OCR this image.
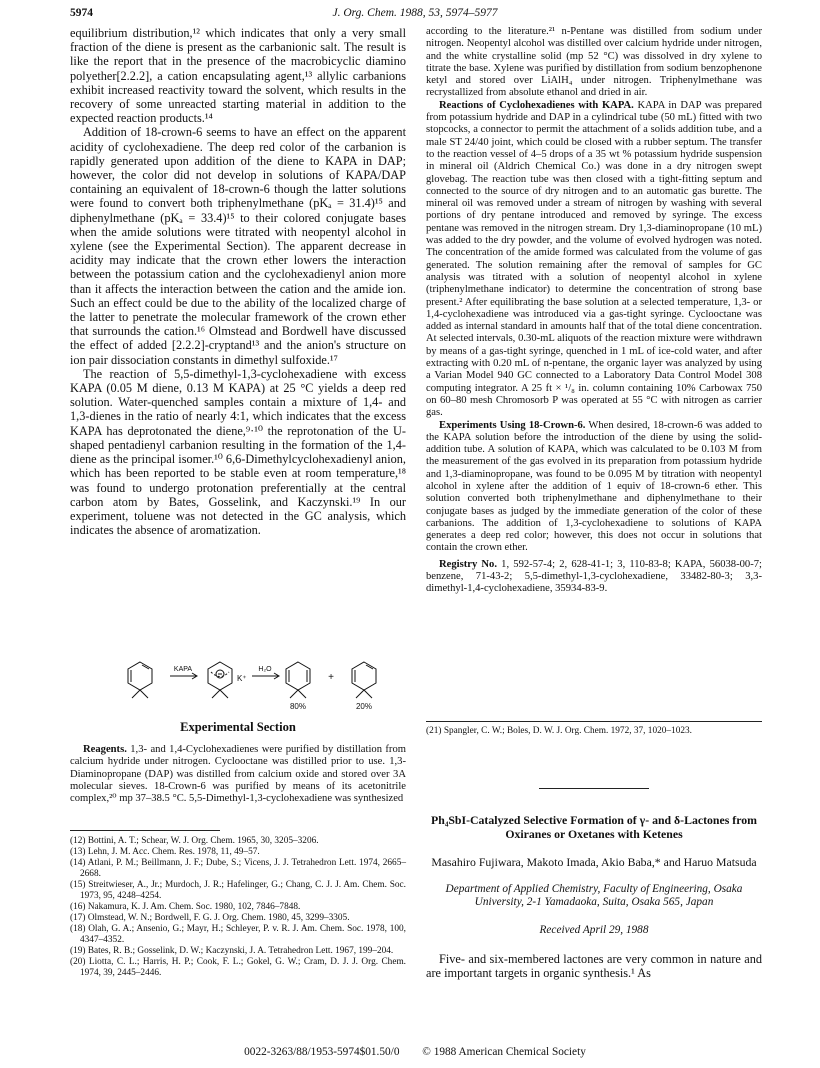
5974	J. Org. Chem. 1988, 53, 5974–5977

equilibrium distribution,¹² which indicates that only a very small fraction of the diene is present as the carbanionic salt. The result is like the report that in the presence of the macrobicyclic diamino polyether[2.2.2], a cation encapsulating agent,¹³ allylic carbanions exhibit increased reactivity toward the solvent, which results in the recovery of some unreacted starting material in addition to the expected reaction products.¹⁴

Addition of 18-crown-6 seems to have an effect on the apparent acidity of cyclohexadiene. The deep red color of the carbanion is rapidly generated upon addition of the diene to KAPA in DAP; however, the color did not develop in solutions of KAPA/DAP containing an equivalent of 18-crown-6 though the latter solutions were found to convert both triphenylmethane (pKₐ = 31.4)¹⁵ and diphenylmethane (pKₐ = 33.4)¹⁵ to their colored conjugate bases when the amide solutions were titrated with neopentyl alcohol in xylene (see the Experimental Section). The apparent decrease in acidity may indicate that the crown ether lowers the interaction between the potassium cation and the cyclohexadienyl anion more than it affects the interaction between the cation and the amide ion. Such an effect could be due to the ability of the localized charge of the latter to penetrate the molecular framework of the crown ether that surrounds the cation.¹⁶ Olmstead and Bordwell have discussed the effect of added [2.2.2]-cryptand¹³ and the anion's structure on ion pair dissociation constants in dimethyl sulfoxide.¹⁷

The reaction of 5,5-dimethyl-1,3-cyclohexadiene with excess KAPA (0.05 M diene, 0.13 M KAPA) at 25 °C yields a deep red solution. Water-quenched samples contain a mixture of 1,4- and 1,3-dienes in the ratio of nearly 4:1, which indicates that the excess KAPA has deprotonated the diene,⁹·¹⁰ the reprotonation of the U-shaped pentadienyl carbanion resulting in the formation of the 1,4-diene as the principal isomer.¹⁰ 6,6-Dimethylcyclohexadienyl anion, which has been reported to be stable even at room temperature,¹⁸ was found to undergo protonation preferentially at the central carbon atom by Bates, Gosselink, and Kaczynski.¹⁹ In our experiment, toluene was not detected in the GC analysis, which indicates the absence of aromatization.

KAPA
K⁺
H₂O
+
80%	20%

Experimental Section

Reagents. 1,3- and 1,4-Cyclohexadienes were purified by distillation from calcium hydride under nitrogen. Cyclooctane was distilled prior to use. 1,3-Diaminopropane (DAP) was distilled from calcium oxide and stored over 3A molecular sieves. 18-Crown-6 was purified by means of its acetonitrile complex,²⁰ mp 37–38.5 °C. 5,5-Dimethyl-1,3-cyclohexadiene was synthesized

(12) Bottini, A. T.; Schear, W. J. Org. Chem. 1965, 30, 3205–3206.

(13) Lehn, J. M. Acc. Chem. Res. 1978, 11, 49–57.

(14) Atlani, P. M.; Beillmann, J. F.; Dube, S.; Vicens, J. J. Tetrahedron Lett. 1974, 2665–2668.

(15) Streitwieser, A., Jr.; Murdoch, J. R.; Hafelinger, G.; Chang, C. J. J. Am. Chem. Soc. 1973, 95, 4248–4254.

(16) Nakamura, K. J. Am. Chem. Soc. 1980, 102, 7846–7848.

(17) Olmstead, W. N.; Bordwell, F. G. J. Org. Chem. 1980, 45, 3299–3305.

(18) Olah, G. A.; Ansenio, G.; Mayr, H.; Schleyer, P. v. R. J. Am. Chem. Soc. 1978, 100, 4347–4352.

(19) Bates, R. B.; Gosselink, D. W.; Kaczynski, J. A. Tetrahedron Lett. 1967, 199–204.

(20) Liotta, C. L.; Harris, H. P.; Cook, F. L.; Gokel, G. W.; Cram, D. J. J. Org. Chem. 1974, 39, 2445–2446.

according to the literature.²¹ n-Pentane was distilled from sodium under nitrogen. Neopentyl alcohol was distilled over calcium hydride under nitrogen, and the white crystalline solid (mp 52 °C) was dissolved in dry xylene to titrate the base. Xylene was purified by distillation from sodium benzophenone ketyl and stored over LiAlH₄ under nitrogen. Triphenylmethane was recrystallized from absolute ethanol and dried in air.

Reactions of Cyclohexadienes with KAPA. KAPA in DAP was prepared from potassium hydride and DAP in a cylindrical tube (50 mL) fitted with two stopcocks, a connector to permit the attachment of a solids addition tube, and a male ST 24/40 joint, which could be closed with a rubber septum. The transfer to the reaction vessel of 4–5 drops of a 35 wt % potassium hydride suspension in mineral oil (Aldrich Chemical Co.) was done in a dry nitrogen swept glovebag. The reaction tube was then closed with a tight-fitting septum and connected to the source of dry nitrogen and to an automatic gas burette. The mineral oil was removed under a stream of nitrogen by washing with several portions of dry pentane introduced and removed by syringe. The excess pentane was removed in the nitrogen stream. Dry 1,3-diaminopropane (10 mL) was added to the dry powder, and the volume of evolved hydrogen was noted. The concentration of the amide formed was calculated from the volume of gas generated. The solution remaining after the removal of samples for GC analysis was titrated with a solution of neopentyl alcohol in xylene (triphenylmethane indicator) to determine the concentration of strong base present.² After equilibrating the base solution at a selected temperature, 1,3- or 1,4-cyclohexadiene was introduced via a gas-tight syringe. Cyclooctane was added as internal standard in amounts half that of the total diene concentration. At selected intervals, 0.30-mL aliquots of the reaction mixture were withdrawn by means of a gas-tight syringe, quenched in 1 mL of ice-cold water, and after extracting with 0.20 mL of n-pentane, the organic layer was analyzed by using a Varian Model 940 GC connected to a Laboratory Data Control Model 308 computing integrator. A 25 ft × ¹/₈ in. column containing 10% Carbowax 750 on 60–80 mesh Chromosorb P was operated at 55 °C with nitrogen as carrier gas.

Experiments Using 18-Crown-6. When desired, 18-crown-6 was added to the KAPA solution before the introduction of the diene by using the solid-addition tube. A solution of KAPA, which was calculated to be 0.103 M from the measurement of the gas evolved in its preparation from potassium hydride and 1,3-diaminopropane, was found to be 0.095 M by titration with neopentyl alcohol in xylene after the addition of 1 equiv of 18-crown-6 ether. This solution converted both triphenylmethane and diphenylmethane to their conjugate bases as judged by the immediate generation of the color of these carbanions. The addition of 1,3-cyclohexadiene to solutions of KAPA generates a deep red color; however, this does not occur in solutions that contain the crown ether.

Registry No. 1, 592-57-4; 2, 628-41-1; 3, 110-83-8; KAPA, 56038-00-7; benzene, 71-43-2; 5,5-dimethyl-1,3-cyclohexadiene, 33482-80-3; 3,3-dimethyl-1,4-cyclohexadiene, 35934-83-9.

(21) Spangler, C. W.; Boles, D. W. J. Org. Chem. 1972, 37, 1020–1023.

Ph₄SbI-Catalyzed Selective Formation of γ- and δ-Lactones from Oxiranes or Oxetanes with Ketenes

Masahiro Fujiwara, Makoto Imada, Akio Baba,* and Haruo Matsuda

Department of Applied Chemistry, Faculty of Engineering, Osaka University, 2-1 Yamadaoka, Suita, Osaka 565, Japan

Received April 29, 1988

Five- and six-membered lactones are very common in nature and are important targets in organic synthesis.¹ As

0022-3263/88/1953-5974$01.50/0 © 1988 American Chemical Society
